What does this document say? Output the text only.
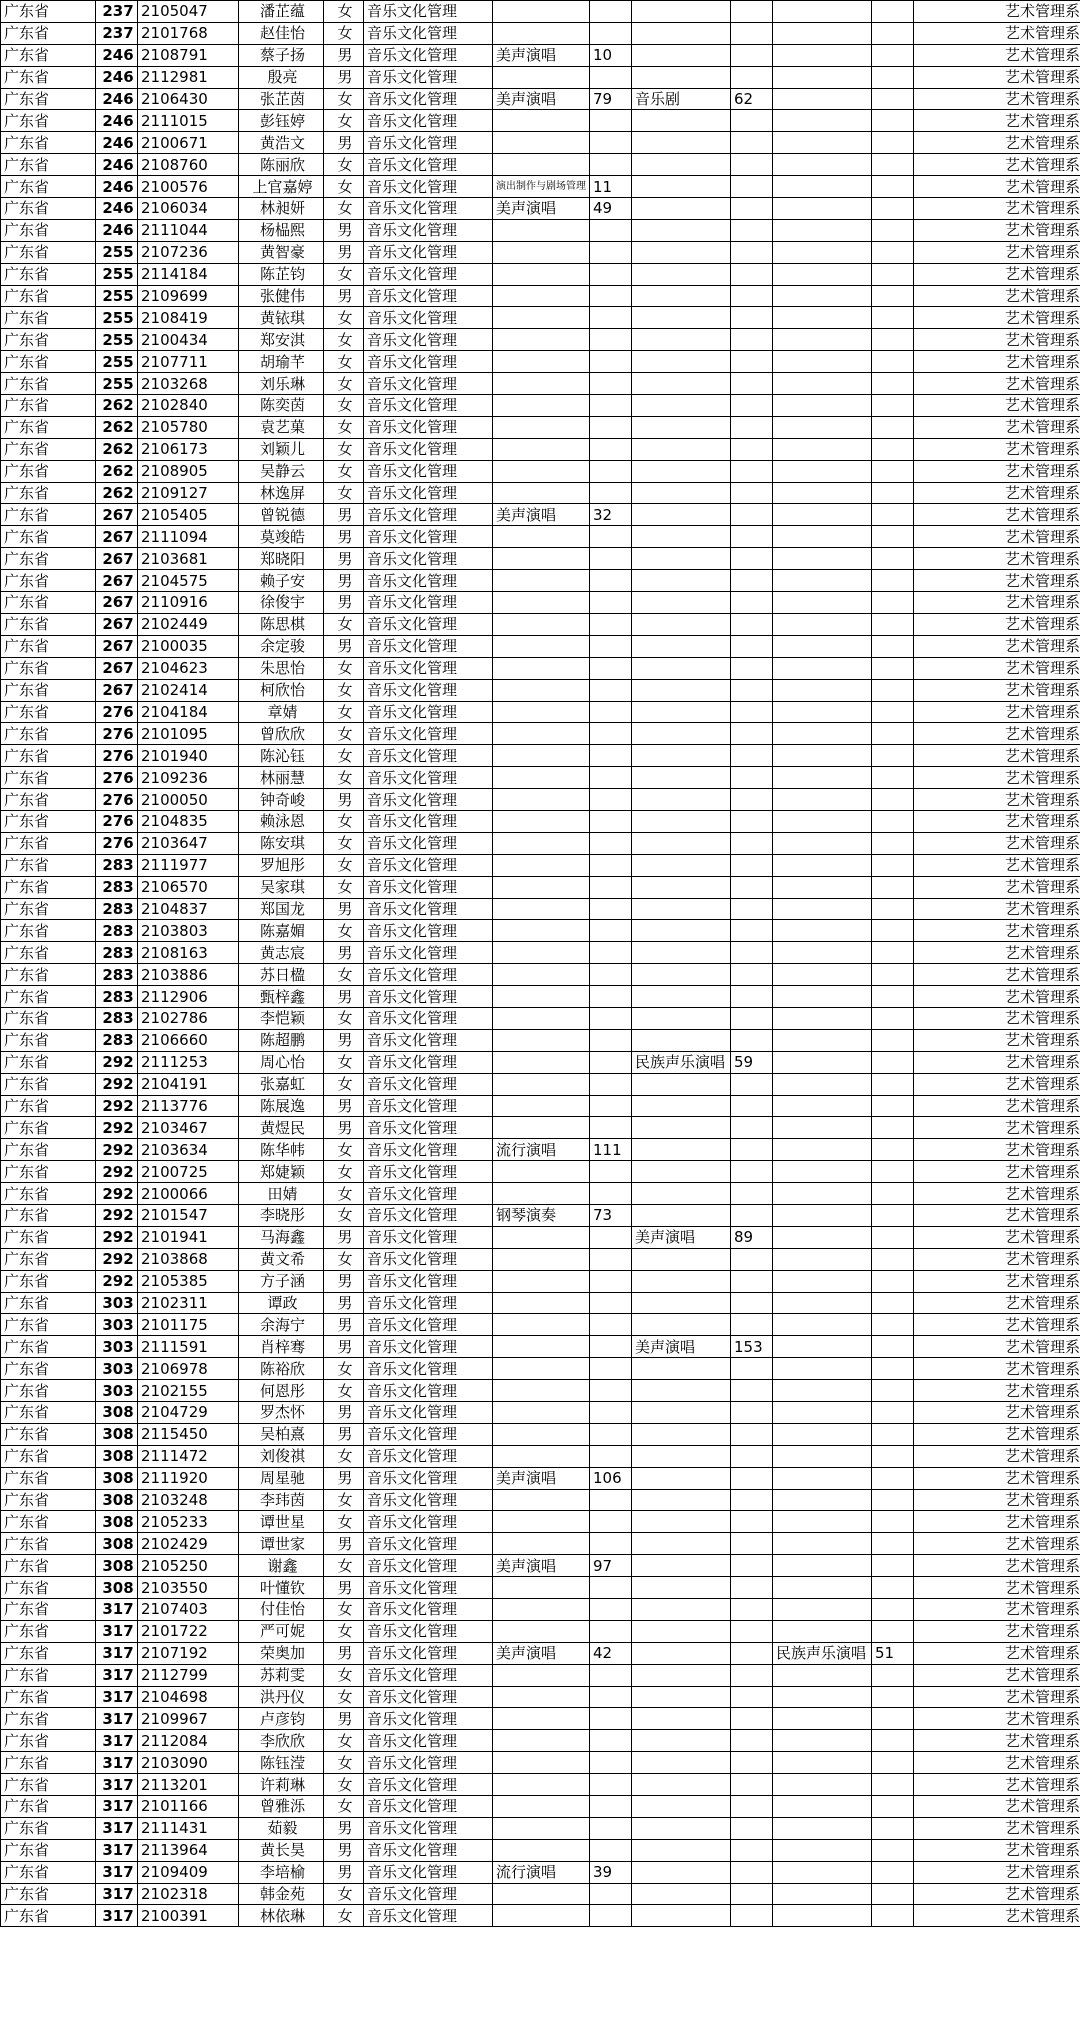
广东省	237	2105047	潘芷蕴	女	音乐文化管理							艺术管理系
广东省	237	2101768	赵佳怡	女	音乐文化管理							艺术管理系
广东省	246	2108791	蔡子扬	男	音乐文化管理	美声演唱	10					艺术管理系
广东省	246	2112981	殷亮	男	音乐文化管理							艺术管理系
广东省	246	2106430	张芷茵	女	音乐文化管理	美声演唱	79	音乐剧	62			艺术管理系
广东省	246	2111015	彭钰婷	女	音乐文化管理							艺术管理系
广东省	246	2100671	黄浩文	男	音乐文化管理							艺术管理系
广东省	246	2108760	陈丽欣	女	音乐文化管理							艺术管理系
广东省	246	2100576	上官嘉婷	女	音乐文化管理	演出制作与剧场管理	11					艺术管理系
广东省	246	2106034	林昶妍	女	音乐文化管理	美声演唱	49					艺术管理系
广东省	246	2111044	杨榀熙	男	音乐文化管理							艺术管理系
广东省	255	2107236	黄智豪	男	音乐文化管理							艺术管理系
广东省	255	2114184	陈芷钧	女	音乐文化管理							艺术管理系
广东省	255	2109699	张健伟	男	音乐文化管理							艺术管理系
广东省	255	2108419	黄铱琪	女	音乐文化管理							艺术管理系
广东省	255	2100434	郑安淇	女	音乐文化管理							艺术管理系
广东省	255	2107711	胡瑜芊	女	音乐文化管理							艺术管理系
广东省	255	2103268	刘乐琳	女	音乐文化管理							艺术管理系
广东省	262	2102840	陈奕茵	女	音乐文化管理							艺术管理系
广东省	262	2105780	袁艺菓	女	音乐文化管理							艺术管理系
广东省	262	2106173	刘颖儿	女	音乐文化管理							艺术管理系
广东省	262	2108905	吴静云	女	音乐文化管理							艺术管理系
广东省	262	2109127	林逸屏	女	音乐文化管理							艺术管理系
广东省	267	2105405	曾锐德	男	音乐文化管理	美声演唱	32					艺术管理系
广东省	267	2111094	莫竣皓	男	音乐文化管理							艺术管理系
广东省	267	2103681	郑晓阳	男	音乐文化管理							艺术管理系
广东省	267	2104575	赖子安	男	音乐文化管理							艺术管理系
广东省	267	2110916	徐俊宇	男	音乐文化管理							艺术管理系
广东省	267	2102449	陈思棋	女	音乐文化管理							艺术管理系
广东省	267	2100035	余定骏	男	音乐文化管理							艺术管理系
广东省	267	2104623	朱思怡	女	音乐文化管理							艺术管理系
广东省	267	2102414	柯欣怡	女	音乐文化管理							艺术管理系
广东省	276	2104184	章婧	女	音乐文化管理							艺术管理系
广东省	276	2101095	曾欣欣	女	音乐文化管理							艺术管理系
广东省	276	2101940	陈沁钰	女	音乐文化管理							艺术管理系
广东省	276	2109236	林丽慧	女	音乐文化管理							艺术管理系
广东省	276	2100050	钟奇峻	男	音乐文化管理							艺术管理系
广东省	276	2104835	赖泳恩	女	音乐文化管理							艺术管理系
广东省	276	2103647	陈安琪	女	音乐文化管理							艺术管理系
广东省	283	2111977	罗旭彤	女	音乐文化管理							艺术管理系
广东省	283	2106570	吴家琪	女	音乐文化管理							艺术管理系
广东省	283	2104837	郑国龙	男	音乐文化管理							艺术管理系
广东省	283	2103803	陈嘉媚	女	音乐文化管理							艺术管理系
广东省	283	2108163	黄志宸	男	音乐文化管理							艺术管理系
广东省	283	2103886	苏日楹	女	音乐文化管理							艺术管理系
广东省	283	2112906	甄梓鑫	男	音乐文化管理							艺术管理系
广东省	283	2102786	李恺颖	女	音乐文化管理							艺术管理系
广东省	283	2106660	陈超鹏	男	音乐文化管理							艺术管理系
广东省	292	2111253	周心怡	女	音乐文化管理			民族声乐演唱	59			艺术管理系
广东省	292	2104191	张嘉虹	女	音乐文化管理							艺术管理系
广东省	292	2113776	陈展逸	男	音乐文化管理							艺术管理系
广东省	292	2103467	黄煜民	男	音乐文化管理							艺术管理系
广东省	292	2103634	陈华帏	女	音乐文化管理	流行演唱	111					艺术管理系
广东省	292	2100725	郑婕颖	女	音乐文化管理							艺术管理系
广东省	292	2100066	田婧	女	音乐文化管理							艺术管理系
广东省	292	2101547	李晓彤	女	音乐文化管理	钢琴演奏	73					艺术管理系
广东省	292	2101941	马海鑫	男	音乐文化管理			美声演唱	89			艺术管理系
广东省	292	2103868	黄文希	女	音乐文化管理							艺术管理系
广东省	292	2105385	方子涵	男	音乐文化管理							艺术管理系
广东省	303	2102311	谭政	男	音乐文化管理							艺术管理系
广东省	303	2101175	余海宁	男	音乐文化管理							艺术管理系
广东省	303	2111591	肖梓骞	男	音乐文化管理			美声演唱	153			艺术管理系
广东省	303	2106978	陈裕欣	女	音乐文化管理							艺术管理系
广东省	303	2102155	何恩彤	女	音乐文化管理							艺术管理系
广东省	308	2104729	罗杰怀	男	音乐文化管理							艺术管理系
广东省	308	2115450	吴柏熹	男	音乐文化管理							艺术管理系
广东省	308	2111472	刘俊祺	女	音乐文化管理							艺术管理系
广东省	308	2111920	周星驰	男	音乐文化管理	美声演唱	106					艺术管理系
广东省	308	2103248	李玮茵	女	音乐文化管理							艺术管理系
广东省	308	2105233	谭世星	女	音乐文化管理							艺术管理系
广东省	308	2102429	谭世家	男	音乐文化管理							艺术管理系
广东省	308	2105250	谢鑫	女	音乐文化管理	美声演唱	97					艺术管理系
广东省	308	2103550	叶懂钦	男	音乐文化管理							艺术管理系
广东省	317	2107403	付佳怡	女	音乐文化管理							艺术管理系
广东省	317	2101722	严可妮	女	音乐文化管理							艺术管理系
广东省	317	2107192	荣奥加	男	音乐文化管理	美声演唱	42			民族声乐演唱	51	艺术管理系
广东省	317	2112799	苏莉雯	女	音乐文化管理							艺术管理系
广东省	317	2104698	洪丹仪	女	音乐文化管理							艺术管理系
广东省	317	2109967	卢彦钧	男	音乐文化管理							艺术管理系
广东省	317	2112084	李欣欣	女	音乐文化管理							艺术管理系
广东省	317	2103090	陈钰滢	女	音乐文化管理							艺术管理系
广东省	317	2113201	许莉琳	女	音乐文化管理							艺术管理系
广东省	317	2101166	曾雅泺	女	音乐文化管理							艺术管理系
广东省	317	2111431	茹毅	男	音乐文化管理							艺术管理系
广东省	317	2113964	黄长昊	男	音乐文化管理							艺术管理系
广东省	317	2109409	李培榆	男	音乐文化管理	流行演唱	39					艺术管理系
广东省	317	2102318	韩金苑	女	音乐文化管理							艺术管理系
广东省	317	2100391	林依琳	女	音乐文化管理							艺术管理系
